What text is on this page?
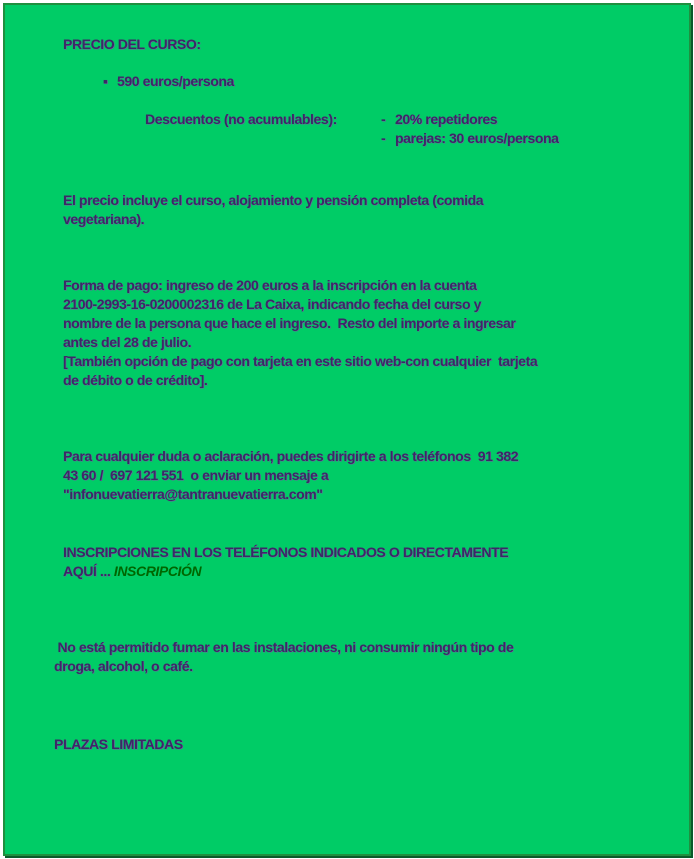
PRECIO DEL CURSO:
▪ 590 euros/persona
Descuentos (no acumulables):	- 20% repetidores
- parejas: 30 euros/persona
El precio incluye el curso, alojamiento y pensión completa (comida
vegetariana).
Forma de pago: ingreso de 200 euros a la inscripción en la cuenta
2100-2993-16-0200002316 de La Caixa, indicando fecha del curso y
nombre de la persona que hace el ingreso.  Resto del importe a ingresar
antes del 28 de julio.
[También opción de pago con tarjeta en este sitio web-con cualquier  tarjeta
de débito o de crédito].
Para cualquier duda o aclaración, puedes dirigirte a los teléfonos  91 382
43 60 /  697 121 551  o enviar un mensaje a
"infonuevatierra@tantranuevatierra.com"
INSCRIPCIONES EN LOS TELÉFONOS INDICADOS O DIRECTAMENTE
AQUÍ ... INSCRIPCIÓN
No está permitido fumar en las instalaciones, ni consumir ningún tipo de
droga, alcohol, o café.
PLAZAS LIMITADAS
